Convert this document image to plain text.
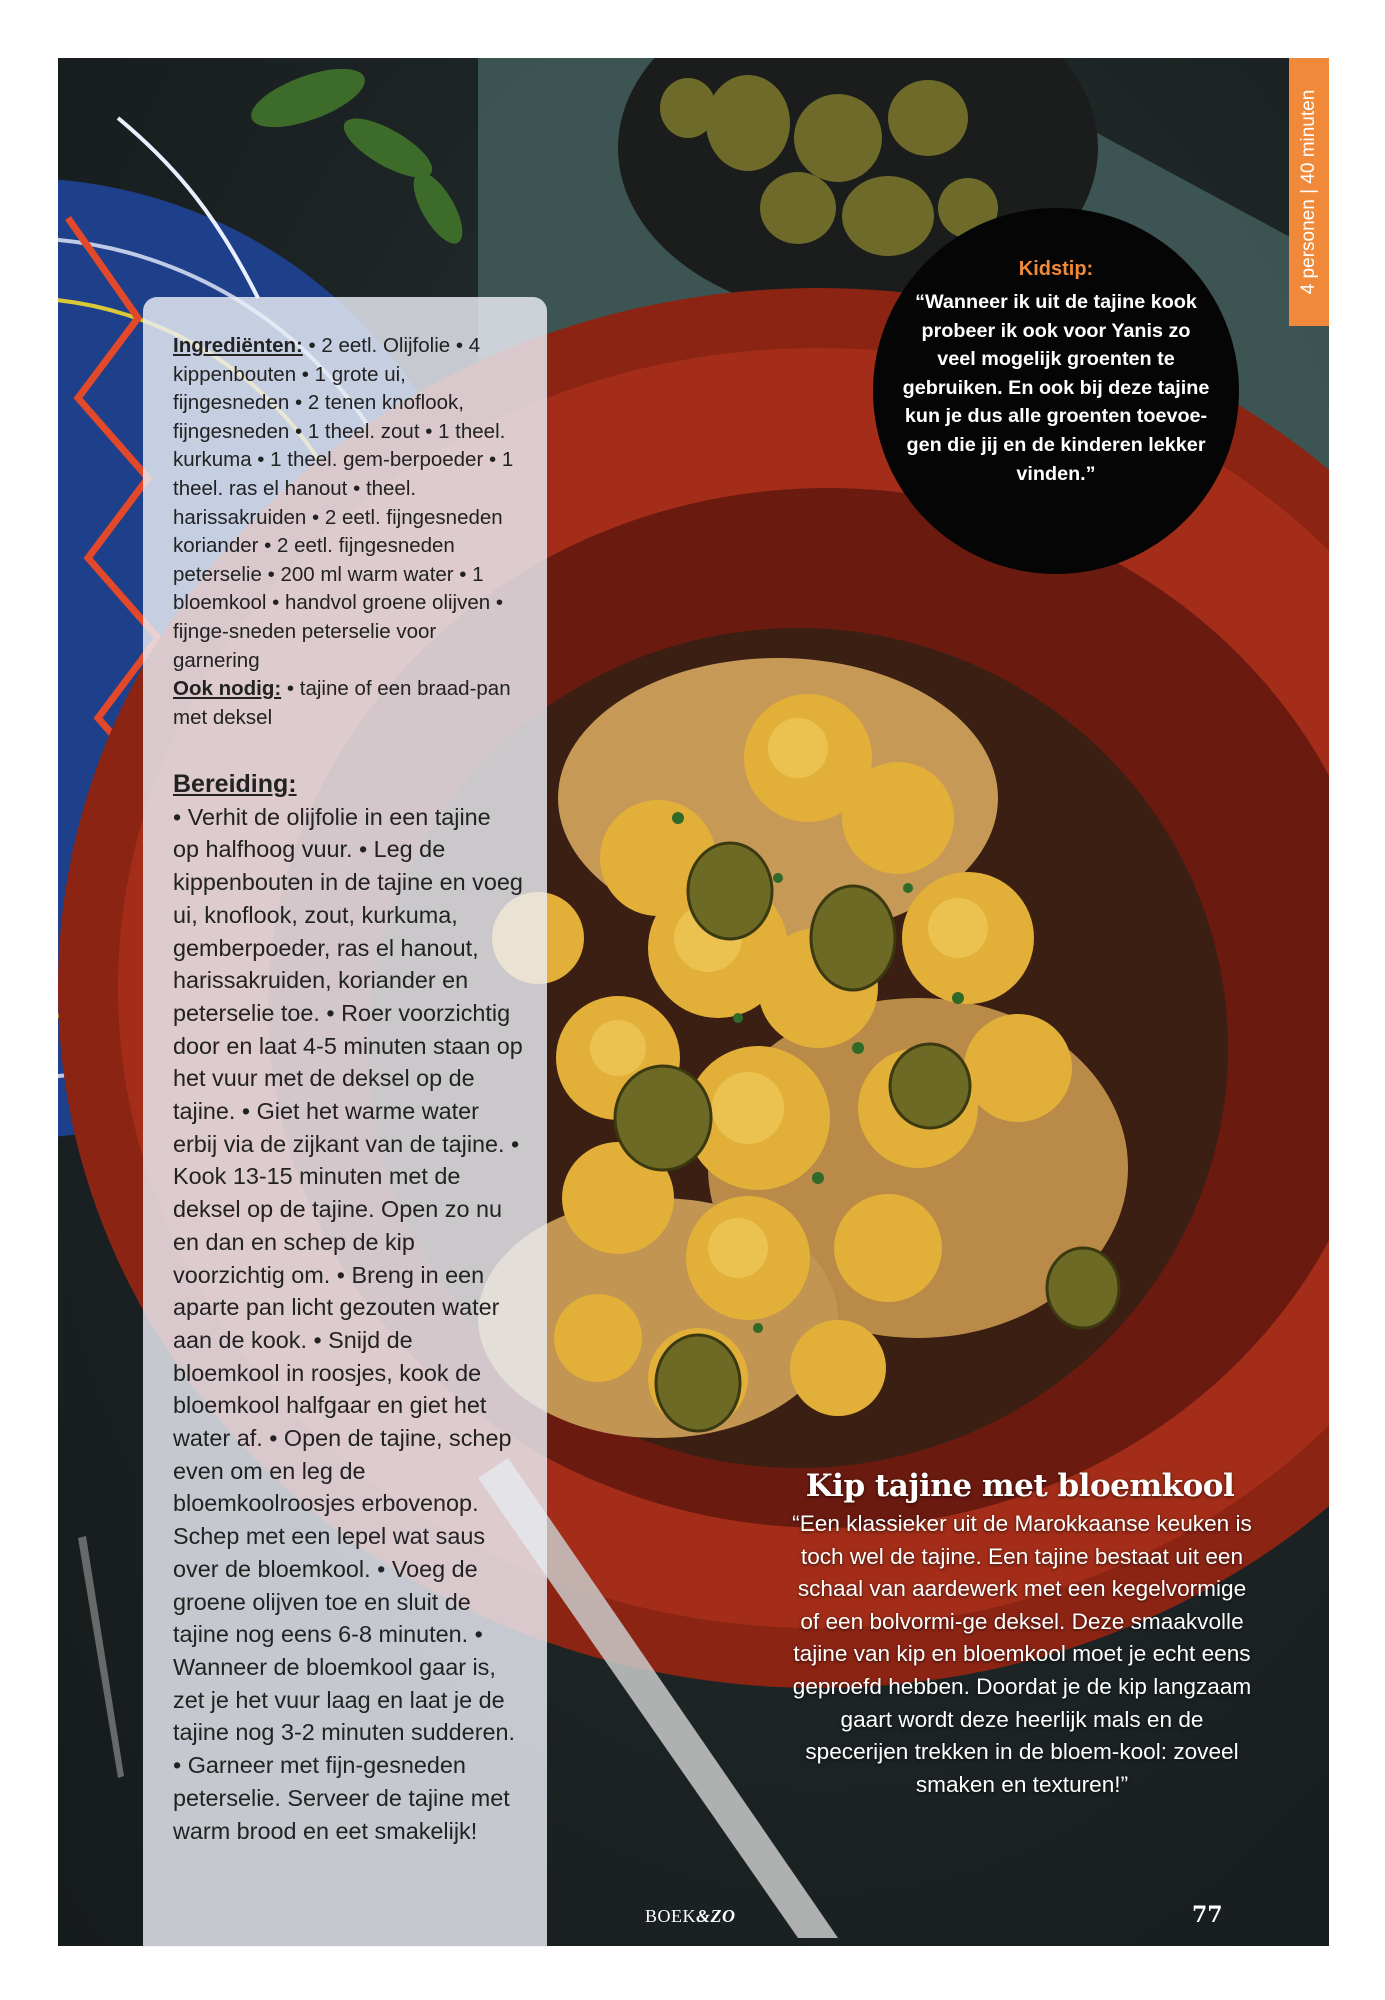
Ingrediënten: • 2 eetl. Olijfolie • 4 kippenbouten • 1 grote ui, fijngesneden • 2 tenen knoflook, fijngesneden • 1 theel. zout • 1 theel. kurkuma • 1 theel. gem-berpoeder • 1 theel. ras el hanout • theel. harissakruiden • 2 eetl. fijngesneden koriander • 2 eetl. fijngesneden peterselie • 200 ml warm water • 1 bloemkool • handvol groene olijven • fijnge-sneden peterselie voor garnering
Ook nodig: • tajine of een braad-pan met deksel
Bereiding:
• Verhit de olijfolie in een tajine op halfhoog vuur. • Leg de kippenbouten in de tajine en voeg ui, knoflook, zout, kurkuma, gemberpoeder, ras el hanout, harissakruiden, koriander en peterselie toe. • Roer voorzichtig door en laat 4-5 minuten staan op het vuur met de deksel op de tajine. • Giet het warme water erbij via de zijkant van de tajine. • Kook 13-15 minuten met de deksel op de tajine. Open zo nu en dan en schep de kip voorzichtig om. • Breng in een aparte pan licht gezouten water aan de kook. • Snijd de bloemkool in roosjes, kook de bloemkool halfgaar en giet het water af. • Open de tajine, schep even om en leg de bloemkoolroosjes erbovenop. Schep met een lepel wat saus over de bloemkool. • Voeg de groene olijven toe en sluit de tajine nog eens 6-8 minuten. • Wanneer de bloemkool gaar is, zet je het vuur laag en laat je de tajine nog 3-2 minuten sudderen. • Garneer met fijn-gesneden peterselie. Serveer de tajine met warm brood en eet smakelijk!
4 personen | 40 minuten
Kidstip:
“Wanneer ik uit de tajine kook probeer ik ook voor Yanis zo veel mogelijk groenten te gebruiken. En ook bij deze tajine kun je dus alle groenten toevoe-gen die jij en de kinderen lekker vinden.”
Kip tajine met bloemkool
“Een klassieker uit de Marokkaanse keuken is toch wel de tajine. Een tajine bestaat uit een schaal van aardewerk met een kegelvormige of een bolvormi-ge deksel. Deze smaakvolle tajine van kip en bloemkool moet je echt eens geproefd hebben. Doordat je de kip langzaam gaart wordt deze heerlijk mals en de specerijen trekken in de bloem-kool: zoveel smaken en texturen!”
BOEK&ZO	77
